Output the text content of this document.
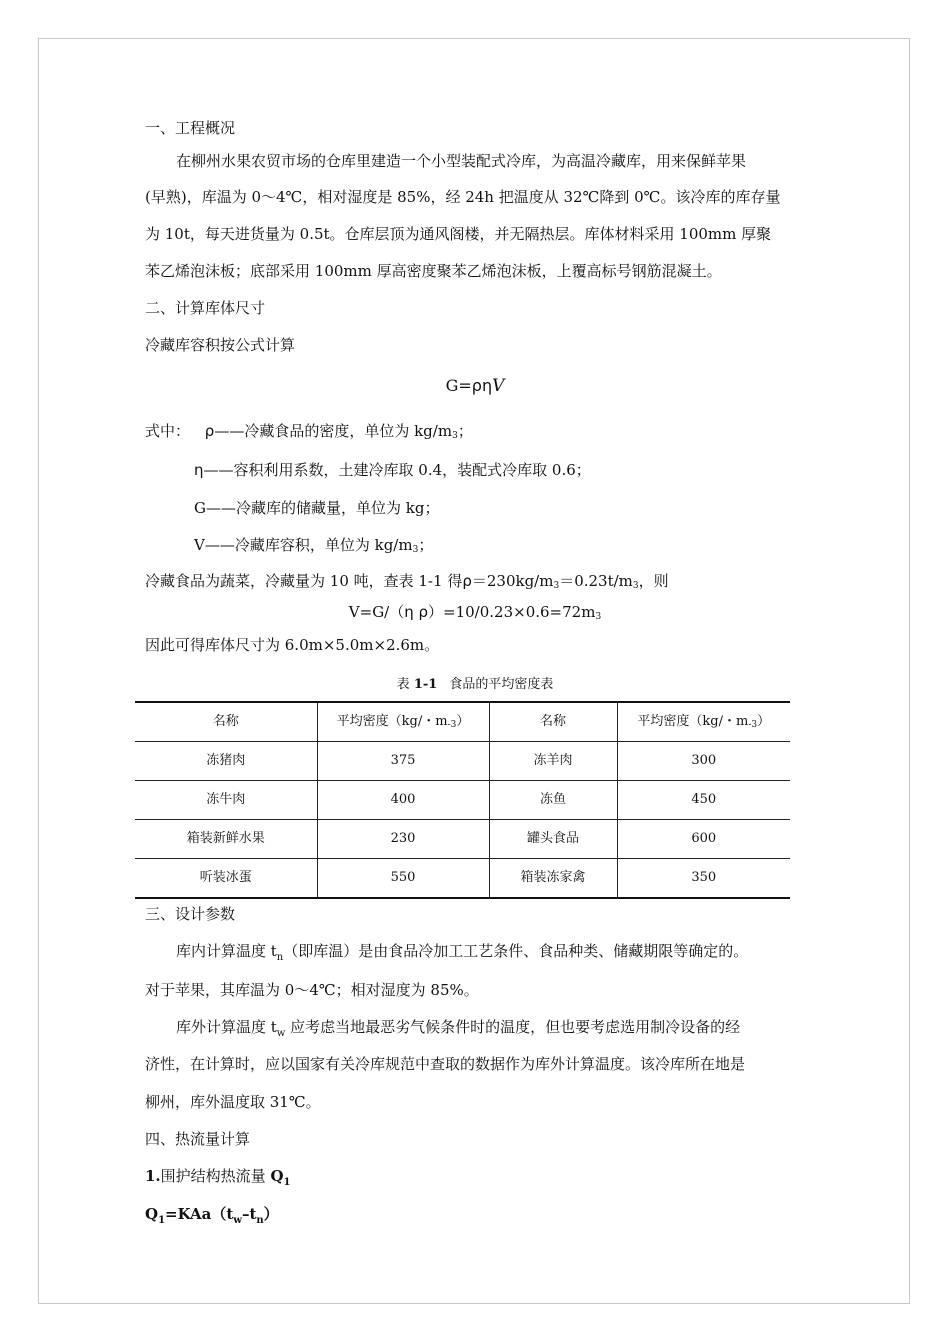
一、工程概况
在柳州水果农贸市场的仓库里建造一个小型装配式冷库，为高温冷藏库，用来保鲜苹果
(早熟)，库温为 0～4℃，相对湿度是 85%，经 24h 把温度从 32℃降到 0℃。该冷库的库存量
为 10t，每天进货量为 0.5t。仓库层顶为通风阁楼，并无隔热层。库体材料采用 100mm 厚聚
苯乙烯泡沫板；底部采用 100mm 厚高密度聚苯乙烯泡沫板，上覆高标号钢筋混凝土。
二、计算库体尺寸
冷藏库容积按公式计算
G=ρηV
式中： ρ——冷藏食品的密度，单位为 kg/m3；
η——容积利用系数，土建冷库取 0.4，装配式冷库取 0.6；
G——冷藏库的储藏量，单位为 kg；
V——冷藏库容积，单位为 kg/m3；
冷藏食品为蔬菜，冷藏量为 10 吨，查表 1-1 得ρ＝230kg/m3＝0.23t/m3，则
V=G/（η ρ）=10/0.23×0.6=72m3
因此可得库体尺寸为 6.0m×5.0m×2.6m。
表 1-1 食品的平均密度表
名称	平均密度（kg/・m-3）	名称	平均密度（kg/・m-3）
冻猪肉	375	冻羊肉	300
冻牛肉	400	冻鱼	450
箱装新鲜水果	230	罐头食品	600
听装冰蛋	550	箱装冻家禽	350
三、设计参数
库内计算温度 $t_n$（即库温）是由食品冷加工工艺条件、食品种类、储藏期限等确定的。
对于苹果，其库温为 0～4℃；相对湿度为 85%。
库外计算温度 $t_w$ 应考虑当地最恶劣气候条件时的温度，但也要考虑选用制冷设备的经
济性，在计算时，应以国家有关冷库规范中查取的数据作为库外计算温度。该冷库所在地是
柳州，库外温度取 31℃。
四、热流量计算
1.围护结构热流量 $Q_1$
$Q_1=KAa(t_w-t_n)$
